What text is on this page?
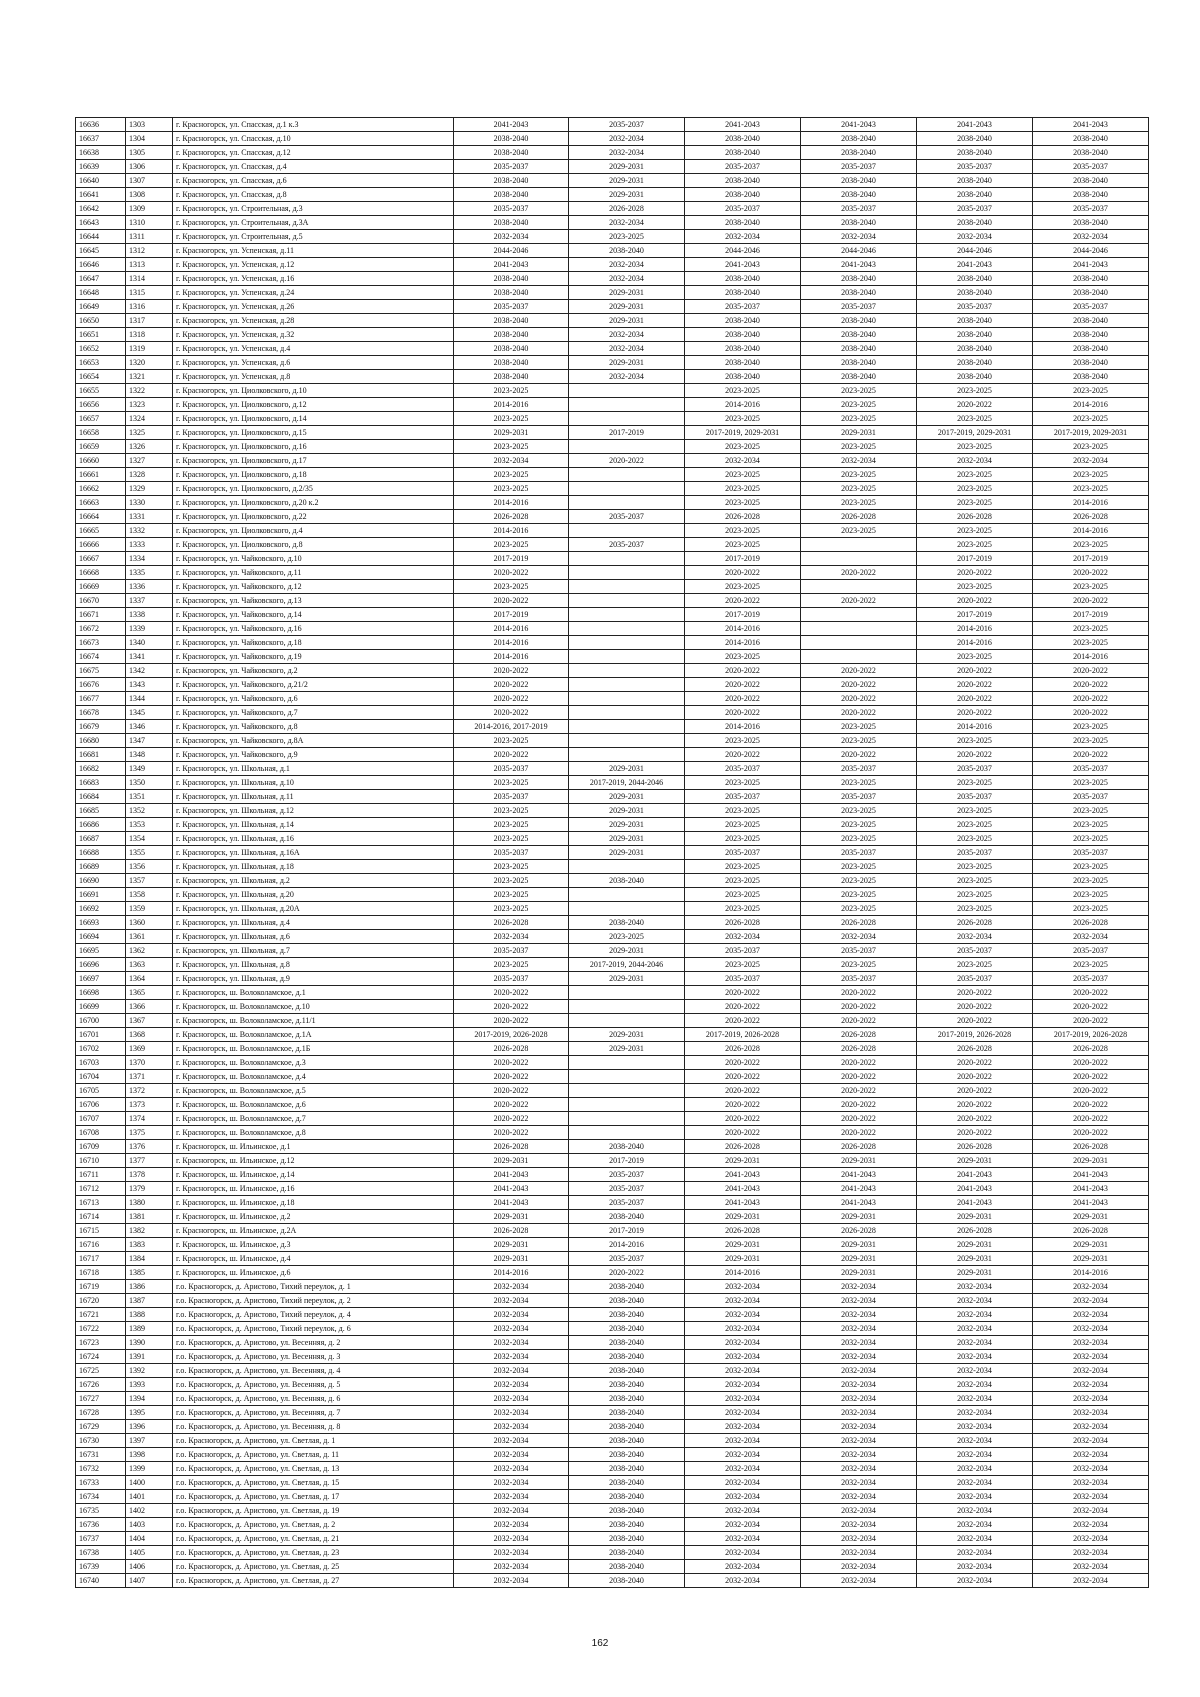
16636	1303	г. Красногорск, ул. Спасская, д.1 к.3	2041-2043	2035-2037	2041-2043	2041-2043	2041-2043	2041-2043
16637	1304	г. Красногорск, ул. Спасская, д.10	2038-2040	2032-2034	2038-2040	2038-2040	2038-2040	2038-2040
16638	1305	г. Красногорск, ул. Спасская, д.12	2038-2040	2032-2034	2038-2040	2038-2040	2038-2040	2038-2040
16639	1306	г. Красногорск, ул. Спасская, д.4	2035-2037	2029-2031	2035-2037	2035-2037	2035-2037	2035-2037
16640	1307	г. Красногорск, ул. Спасская, д.6	2038-2040	2029-2031	2038-2040	2038-2040	2038-2040	2038-2040
16641	1308	г. Красногорск, ул. Спасская, д.8	2038-2040	2029-2031	2038-2040	2038-2040	2038-2040	2038-2040
16642	1309	г. Красногорск, ул. Строительная, д.3	2035-2037	2026-2028	2035-2037	2035-2037	2035-2037	2035-2037
16643	1310	г. Красногорск, ул. Строительная, д.3А	2038-2040	2032-2034	2038-2040	2038-2040	2038-2040	2038-2040
16644	1311	г. Красногорск, ул. Строительная, д.5	2032-2034	2023-2025	2032-2034	2032-2034	2032-2034	2032-2034
16645	1312	г. Красногорск, ул. Успенская, д.11	2044-2046	2038-2040	2044-2046	2044-2046	2044-2046	2044-2046
16646	1313	г. Красногорск, ул. Успенская, д.12	2041-2043	2032-2034	2041-2043	2041-2043	2041-2043	2041-2043
16647	1314	г. Красногорск, ул. Успенская, д.16	2038-2040	2032-2034	2038-2040	2038-2040	2038-2040	2038-2040
16648	1315	г. Красногорск, ул. Успенская, д.24	2038-2040	2029-2031	2038-2040	2038-2040	2038-2040	2038-2040
16649	1316	г. Красногорск, ул. Успенская, д.26	2035-2037	2029-2031	2035-2037	2035-2037	2035-2037	2035-2037
16650	1317	г. Красногорск, ул. Успенская, д.28	2038-2040	2029-2031	2038-2040	2038-2040	2038-2040	2038-2040
16651	1318	г. Красногорск, ул. Успенская, д.32	2038-2040	2032-2034	2038-2040	2038-2040	2038-2040	2038-2040
16652	1319	г. Красногорск, ул. Успенская, д.4	2038-2040	2032-2034	2038-2040	2038-2040	2038-2040	2038-2040
16653	1320	г. Красногорск, ул. Успенская, д.6	2038-2040	2029-2031	2038-2040	2038-2040	2038-2040	2038-2040
16654	1321	г. Красногорск, ул. Успенская, д.8	2038-2040	2032-2034	2038-2040	2038-2040	2038-2040	2038-2040
16655	1322	г. Красногорск, ул. Циолковского, д.10	2023-2025		2023-2025	2023-2025	2023-2025	2023-2025
16656	1323	г. Красногорск, ул. Циолковского, д.12	2014-2016		2014-2016	2023-2025	2020-2022	2014-2016
16657	1324	г. Красногорск, ул. Циолковского, д.14	2023-2025		2023-2025	2023-2025	2023-2025	2023-2025
16658	1325	г. Красногорск, ул. Циолковского, д.15	2029-2031	2017-2019	2017-2019, 2029-2031	2029-2031	2017-2019, 2029-2031	2017-2019, 2029-2031
16659	1326	г. Красногорск, ул. Циолковского, д.16	2023-2025		2023-2025	2023-2025	2023-2025	2023-2025
16660	1327	г. Красногорск, ул. Циолковского, д.17	2032-2034	2020-2022	2032-2034	2032-2034	2032-2034	2032-2034
16661	1328	г. Красногорск, ул. Циолковского, д.18	2023-2025		2023-2025	2023-2025	2023-2025	2023-2025
16662	1329	г. Красногорск, ул. Циолковского, д.2/35	2023-2025		2023-2025	2023-2025	2023-2025	2023-2025
16663	1330	г. Красногорск, ул. Циолковского, д.20 к.2	2014-2016		2023-2025	2023-2025	2023-2025	2014-2016
16664	1331	г. Красногорск, ул. Циолковского, д.22	2026-2028	2035-2037	2026-2028	2026-2028	2026-2028	2026-2028
16665	1332	г. Красногорск, ул. Циолковского, д.4	2014-2016		2023-2025	2023-2025	2023-2025	2014-2016
16666	1333	г. Красногорск, ул. Циолковского, д.8	2023-2025	2035-2037	2023-2025		2023-2025	2023-2025
16667	1334	г. Красногорск, ул. Чайковского, д.10	2017-2019		2017-2019		2017-2019	2017-2019
16668	1335	г. Красногорск, ул. Чайковского, д.11	2020-2022		2020-2022	2020-2022	2020-2022	2020-2022
16669	1336	г. Красногорск, ул. Чайковского, д.12	2023-2025		2023-2025		2023-2025	2023-2025
16670	1337	г. Красногорск, ул. Чайковского, д.13	2020-2022		2020-2022	2020-2022	2020-2022	2020-2022
16671	1338	г. Красногорск, ул. Чайковского, д.14	2017-2019		2017-2019		2017-2019	2017-2019
16672	1339	г. Красногорск, ул. Чайковского, д.16	2014-2016		2014-2016		2014-2016	2023-2025
16673	1340	г. Красногорск, ул. Чайковского, д.18	2014-2016		2014-2016		2014-2016	2023-2025
16674	1341	г. Красногорск, ул. Чайковского, д.19	2014-2016		2023-2025		2023-2025	2014-2016
16675	1342	г. Красногорск, ул. Чайковского, д.2	2020-2022		2020-2022	2020-2022	2020-2022	2020-2022
16676	1343	г. Красногорск, ул. Чайковского, д.21/2	2020-2022		2020-2022	2020-2022	2020-2022	2020-2022
16677	1344	г. Красногорск, ул. Чайковского, д.6	2020-2022		2020-2022	2020-2022	2020-2022	2020-2022
16678	1345	г. Красногорск, ул. Чайковского, д.7	2020-2022		2020-2022	2020-2022	2020-2022	2020-2022
16679	1346	г. Красногорск, ул. Чайковского, д.8	2014-2016, 2017-2019		2014-2016	2023-2025	2014-2016	2023-2025
16680	1347	г. Красногорск, ул. Чайковского, д.8А	2023-2025		2023-2025	2023-2025	2023-2025	2023-2025
16681	1348	г. Красногорск, ул. Чайковского, д.9	2020-2022		2020-2022	2020-2022	2020-2022	2020-2022
16682	1349	г. Красногорск, ул. Школьная, д.1	2035-2037	2029-2031	2035-2037	2035-2037	2035-2037	2035-2037
16683	1350	г. Красногорск, ул. Школьная, д.10	2023-2025	2017-2019, 2044-2046	2023-2025	2023-2025	2023-2025	2023-2025
16684	1351	г. Красногорск, ул. Школьная, д.11	2035-2037	2029-2031	2035-2037	2035-2037	2035-2037	2035-2037
16685	1352	г. Красногорск, ул. Школьная, д.12	2023-2025	2029-2031	2023-2025	2023-2025	2023-2025	2023-2025
16686	1353	г. Красногорск, ул. Школьная, д.14	2023-2025	2029-2031	2023-2025	2023-2025	2023-2025	2023-2025
16687	1354	г. Красногорск, ул. Школьная, д.16	2023-2025	2029-2031	2023-2025	2023-2025	2023-2025	2023-2025
16688	1355	г. Красногорск, ул. Школьная, д.16А	2035-2037	2029-2031	2035-2037	2035-2037	2035-2037	2035-2037
16689	1356	г. Красногорск, ул. Школьная, д.18	2023-2025		2023-2025	2023-2025	2023-2025	2023-2025
16690	1357	г. Красногорск, ул. Школьная, д.2	2023-2025	2038-2040	2023-2025	2023-2025	2023-2025	2023-2025
16691	1358	г. Красногорск, ул. Школьная, д.20	2023-2025		2023-2025	2023-2025	2023-2025	2023-2025
16692	1359	г. Красногорск, ул. Школьная, д.20А	2023-2025		2023-2025	2023-2025	2023-2025	2023-2025
16693	1360	г. Красногорск, ул. Школьная, д.4	2026-2028	2038-2040	2026-2028	2026-2028	2026-2028	2026-2028
16694	1361	г. Красногорск, ул. Школьная, д.6	2032-2034	2023-2025	2032-2034	2032-2034	2032-2034	2032-2034
16695	1362	г. Красногорск, ул. Школьная, д.7	2035-2037	2029-2031	2035-2037	2035-2037	2035-2037	2035-2037
16696	1363	г. Красногорск, ул. Школьная, д.8	2023-2025	2017-2019, 2044-2046	2023-2025	2023-2025	2023-2025	2023-2025
16697	1364	г. Красногорск, ул. Школьная, д.9	2035-2037	2029-2031	2035-2037	2035-2037	2035-2037	2035-2037
16698	1365	г. Красногорск, ш. Волоколамское, д.1	2020-2022		2020-2022	2020-2022	2020-2022	2020-2022
16699	1366	г. Красногорск, ш. Волоколамское, д.10	2020-2022		2020-2022	2020-2022	2020-2022	2020-2022
16700	1367	г. Красногорск, ш. Волоколамское, д.11/1	2020-2022		2020-2022	2020-2022	2020-2022	2020-2022
16701	1368	г. Красногорск, ш. Волоколамское, д.1А	2017-2019, 2026-2028	2029-2031	2017-2019, 2026-2028	2026-2028	2017-2019, 2026-2028	2017-2019, 2026-2028
16702	1369	г. Красногорск, ш. Волоколамское, д.1Б	2026-2028	2029-2031	2026-2028	2026-2028	2026-2028	2026-2028
16703	1370	г. Красногорск, ш. Волоколамское, д.3	2020-2022		2020-2022	2020-2022	2020-2022	2020-2022
16704	1371	г. Красногорск, ш. Волоколамское, д.4	2020-2022		2020-2022	2020-2022	2020-2022	2020-2022
16705	1372	г. Красногорск, ш. Волоколамское, д.5	2020-2022		2020-2022	2020-2022	2020-2022	2020-2022
16706	1373	г. Красногорск, ш. Волоколамское, д.6	2020-2022		2020-2022	2020-2022	2020-2022	2020-2022
16707	1374	г. Красногорск, ш. Волоколамское, д.7	2020-2022		2020-2022	2020-2022	2020-2022	2020-2022
16708	1375	г. Красногорск, ш. Волоколамское, д.8	2020-2022		2020-2022	2020-2022	2020-2022	2020-2022
16709	1376	г. Красногорск, ш. Ильинское, д.1	2026-2028	2038-2040	2026-2028	2026-2028	2026-2028	2026-2028
16710	1377	г. Красногорск, ш. Ильинское, д.12	2029-2031	2017-2019	2029-2031	2029-2031	2029-2031	2029-2031
16711	1378	г. Красногорск, ш. Ильинское, д.14	2041-2043	2035-2037	2041-2043	2041-2043	2041-2043	2041-2043
16712	1379	г. Красногорск, ш. Ильинское, д.16	2041-2043	2035-2037	2041-2043	2041-2043	2041-2043	2041-2043
16713	1380	г. Красногорск, ш. Ильинское, д.18	2041-2043	2035-2037	2041-2043	2041-2043	2041-2043	2041-2043
16714	1381	г. Красногорск, ш. Ильинское, д.2	2029-2031	2038-2040	2029-2031	2029-2031	2029-2031	2029-2031
16715	1382	г. Красногорск, ш. Ильинское, д.2А	2026-2028	2017-2019	2026-2028	2026-2028	2026-2028	2026-2028
16716	1383	г. Красногорск, ш. Ильинское, д.3	2029-2031	2014-2016	2029-2031	2029-2031	2029-2031	2029-2031
16717	1384	г. Красногорск, ш. Ильинское, д.4	2029-2031	2035-2037	2029-2031	2029-2031	2029-2031	2029-2031
16718	1385	г. Красногорск, ш. Ильинское, д.6	2014-2016	2020-2022	2014-2016	2029-2031	2029-2031	2014-2016
16719	1386	г.о. Красногорск, д. Аристово, Тихий переулок, д. 1	2032-2034	2038-2040	2032-2034	2032-2034	2032-2034	2032-2034
16720	1387	г.о. Красногорск, д. Аристово, Тихий переулок, д. 2	2032-2034	2038-2040	2032-2034	2032-2034	2032-2034	2032-2034
16721	1388	г.о. Красногорск, д. Аристово, Тихий переулок, д. 4	2032-2034	2038-2040	2032-2034	2032-2034	2032-2034	2032-2034
16722	1389	г.о. Красногорск, д. Аристово, Тихий переулок, д. 6	2032-2034	2038-2040	2032-2034	2032-2034	2032-2034	2032-2034
16723	1390	г.о. Красногорск, д. Аристово, ул. Весенняя, д. 2	2032-2034	2038-2040	2032-2034	2032-2034	2032-2034	2032-2034
16724	1391	г.о. Красногорск, д. Аристово, ул. Весенняя, д. 3	2032-2034	2038-2040	2032-2034	2032-2034	2032-2034	2032-2034
16725	1392	г.о. Красногорск, д. Аристово, ул. Весенняя, д. 4	2032-2034	2038-2040	2032-2034	2032-2034	2032-2034	2032-2034
16726	1393	г.о. Красногорск, д. Аристово, ул. Весенняя, д. 5	2032-2034	2038-2040	2032-2034	2032-2034	2032-2034	2032-2034
16727	1394	г.о. Красногорск, д. Аристово, ул. Весенняя, д. 6	2032-2034	2038-2040	2032-2034	2032-2034	2032-2034	2032-2034
16728	1395	г.о. Красногорск, д. Аристово, ул. Весенняя, д. 7	2032-2034	2038-2040	2032-2034	2032-2034	2032-2034	2032-2034
16729	1396	г.о. Красногорск, д. Аристово, ул. Весенняя, д. 8	2032-2034	2038-2040	2032-2034	2032-2034	2032-2034	2032-2034
16730	1397	г.о. Красногорск, д. Аристово, ул. Светлая, д. 1	2032-2034	2038-2040	2032-2034	2032-2034	2032-2034	2032-2034
16731	1398	г.о. Красногорск, д. Аристово, ул. Светлая, д. 11	2032-2034	2038-2040	2032-2034	2032-2034	2032-2034	2032-2034
16732	1399	г.о. Красногорск, д. Аристово, ул. Светлая, д. 13	2032-2034	2038-2040	2032-2034	2032-2034	2032-2034	2032-2034
16733	1400	г.о. Красногорск, д. Аристово, ул. Светлая, д. 15	2032-2034	2038-2040	2032-2034	2032-2034	2032-2034	2032-2034
16734	1401	г.о. Красногорск, д. Аристово, ул. Светлая, д. 17	2032-2034	2038-2040	2032-2034	2032-2034	2032-2034	2032-2034
16735	1402	г.о. Красногорск, д. Аристово, ул. Светлая, д. 19	2032-2034	2038-2040	2032-2034	2032-2034	2032-2034	2032-2034
16736	1403	г.о. Красногорск, д. Аристово, ул. Светлая, д. 2	2032-2034	2038-2040	2032-2034	2032-2034	2032-2034	2032-2034
16737	1404	г.о. Красногорск, д. Аристово, ул. Светлая, д. 21	2032-2034	2038-2040	2032-2034	2032-2034	2032-2034	2032-2034
16738	1405	г.о. Красногорск, д. Аристово, ул. Светлая, д. 23	2032-2034	2038-2040	2032-2034	2032-2034	2032-2034	2032-2034
16739	1406	г.о. Красногорск, д. Аристово, ул. Светлая, д. 25	2032-2034	2038-2040	2032-2034	2032-2034	2032-2034	2032-2034
16740	1407	г.о. Красногорск, д. Аристово, ул. Светлая, д. 27	2032-2034	2038-2040	2032-2034	2032-2034	2032-2034	2032-2034
162
